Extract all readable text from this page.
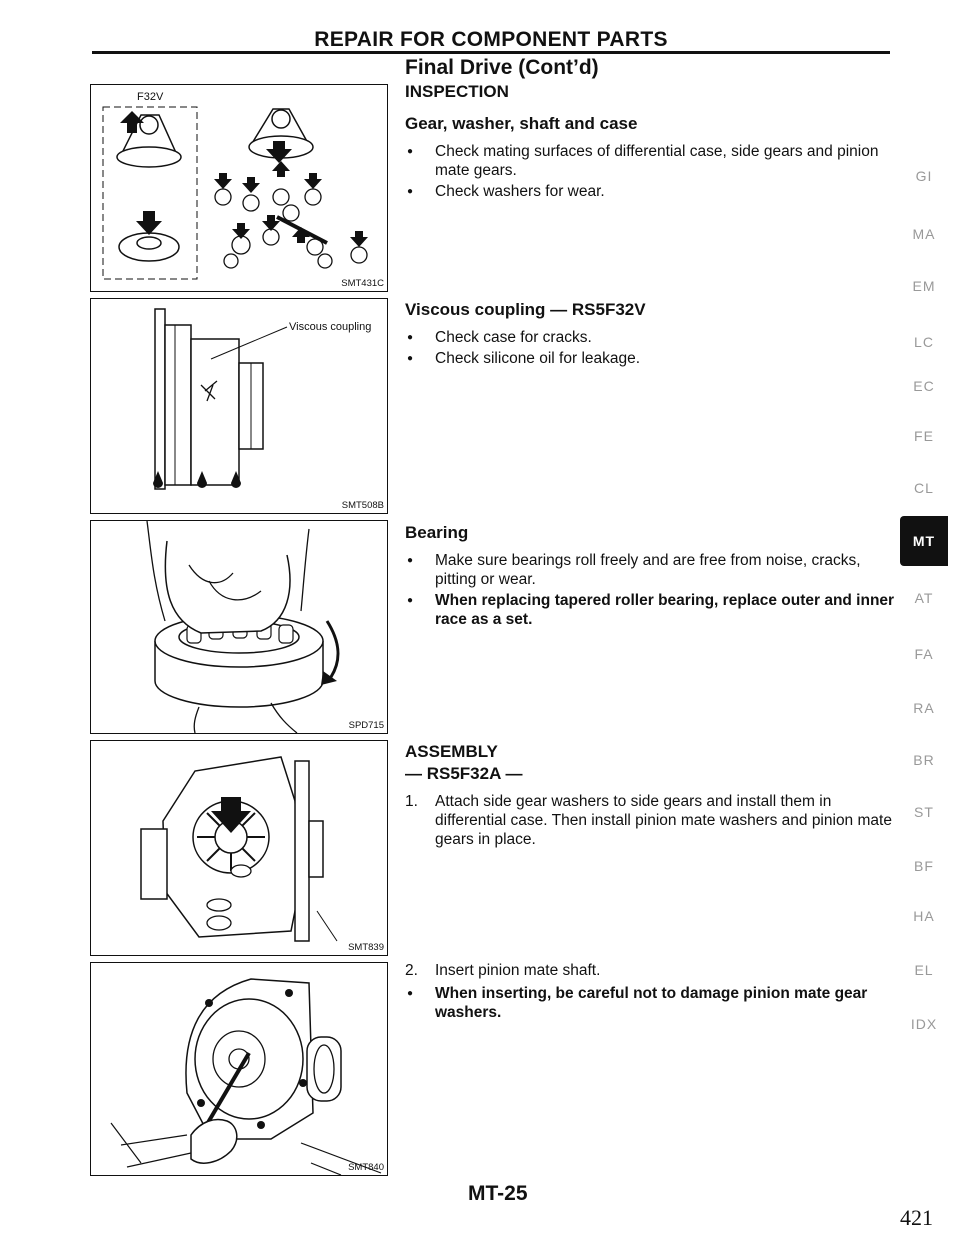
REPAIR FOR COMPONENT PARTS
Final Drive (Cont’d)
INSPECTION
Gear, washer, shaft and case
● Check mating surfaces of differential case, side gears and pinion mate gears.
● Check washers for wear.
Viscous coupling — RS5F32V
● Check case for cracks.
● Check silicone oil for leakage.
Bearing
● Make sure bearings roll freely and are free from noise, cracks, pitting or wear.
● When replacing tapered roller bearing, replace outer and inner race as a set.
ASSEMBLY
— RS5F32A —
1. Attach side gear washers to side gears and install them in differential case. Then install pinion mate washers and pinion mate gears in place.
2. Insert pinion mate shaft.
● When inserting, be careful not to damage pinion mate gear washers.
F32V
SMT431C
Viscous coupling
SMT508B
SPD715
SMT839
SMT840
GI
MA
EM
LC
EC
FE
CL
MT
AT
FA
RA
BR
ST
BF
HA
EL
IDX
MT-25
421
